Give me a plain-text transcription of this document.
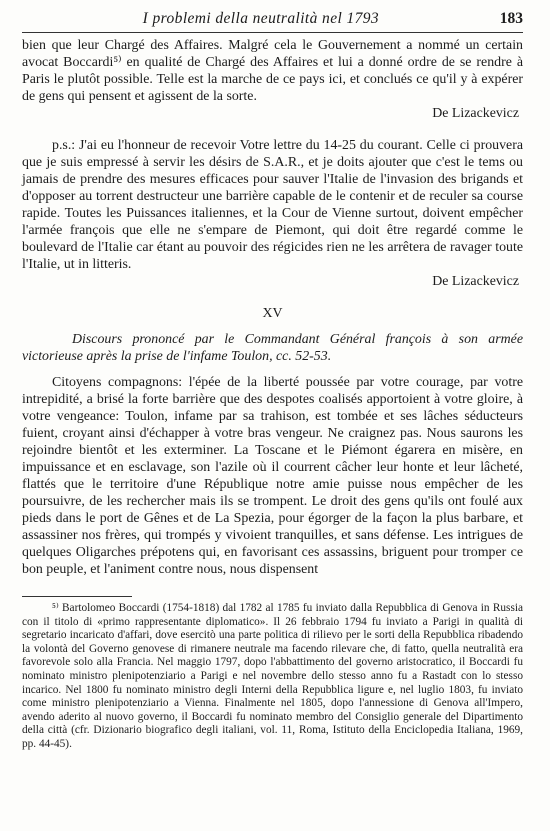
I problemi della neutralità nel 1793	183

bien que leur Chargé des Affaires. Malgré cela le Gouvernement a nommé un certain avocat Boccardi⁵⁾ en qualité de Chargé des Affaires et lui a donné ordre de se rendre à Paris le plutôt possible. Telle est la marche de ce pays ici, et conclués ce qu'il y à expérer de gens qui pensent et agissent de la sorte.

De Lizackevicz

p.s.: J'ai eu l'honneur de recevoir Votre lettre du 14-25 du courant. Celle ci prouvera que je suis empressé à servir les désirs de S.A.R., et je doits ajouter que c'est le tems ou jamais de prendre des mesures efficaces pour sauver l'Italie de l'invasion des brigands et d'opposer au torrent destructeur une barrière capable de le contenir et de reculer sa course rapide. Toutes les Puissances italiennes, et la Cour de Vienne surtout, doivent empêcher l'armée françois que elle ne s'empare de Piemont, qui doit être regardé comme le boulevard de l'Italie car étant au pouvoir des régicides rien ne les arrêtera de ravager toute l'Italie, ut in litteris.

De Lizackevicz

XV

Discours prononcé par le Commandant Général françois à son armée victorieuse après la prise de l'infame Toulon, cc. 52-53.

Citoyens compagnons: l'épée de la liberté poussée par votre courage, par votre intrepidité, a brisé la forte barrière que des despotes coalisés apportoient à votre gloire, à votre vengeance: Toulon, infame par sa trahison, est tombée et ses lâches séducteurs fuient, croyant ainsi d'échapper à votre bras vengeur. Ne craignez pas. Nous saurons les rejoindre bientôt et les exterminer. La Toscane et le Piémont égarera en misère, en impuissance et en esclavage, son l'azile où il courrent câcher leur honte et leur lâcheté, flattés que le territoire d'une République notre amie puisse nous empêcher de les poursuivre, de les rechercher mais ils se trompent. Le droit des gens qu'ils ont foulé aux pieds dans le port de Gênes et de La Spezia, pour égorger de la façon la plus barbare, et assassiner nos frères, qui trompés y vivoient tranquilles, et sans défense. Les intrigues de quelques Oligarches prépotens qui, en favorisant ces assassins, briguent pour tromper ce bon peuple, et l'animent contre nous, nous dispensent

⁵⁾ Bartolomeo Boccardi (1754-1818) dal 1782 al 1785 fu inviato dalla Repubblica di Genova in Russia con il titolo di «primo rappresentante diplomatico». Il 26 febbraio 1794 fu inviato a Parigi in qualità di segretario incaricato d'affari, dove esercitò una parte politica di rilievo per le sorti della Repubblica ribadendo la volontà del Governo genovese di rimanere neutrale ma facendo rilevare che, di fatto, quella neutralità era favorevole solo alla Francia. Nel maggio 1797, dopo l'abbattimento del governo aristocratico, il Boccardi fu nominato ministro plenipotenziario a Parigi e nel novembre dello stesso anno fu a Rastadt con lo stesso incarico. Nel 1800 fu nominato ministro degli Interni della Repubblica ligure e, nel luglio 1803, fu inviato come ministro plenipotenziario a Vienna. Finalmente nel 1805, dopo l'annessione di Genova all'Impero, avendo aderito al nuovo governo, il Boccardi fu nominato membro del Consiglio generale del Dipartimento della città (cfr. Dizionario biografico degli italiani, vol. 11, Roma, Istituto della Enciclopedia Italiana, 1969, pp. 44-45).
